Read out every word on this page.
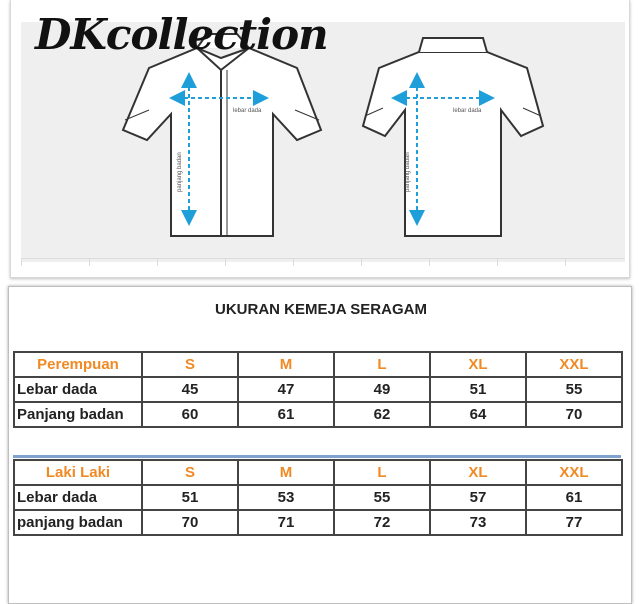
lebar dada
panjang badan
lebar dada
panjang badan
DKcollection
UKURAN KEMEJA SERAGAM
Perempuan	S	M	L	XL	XXL
Lebar dada	45	47	49	51	55
Panjang badan	60	61	62	64	70
Laki Laki	S	M	L	XL	XXL
Lebar dada	51	53	55	57	61
panjang badan	70	71	72	73	77
